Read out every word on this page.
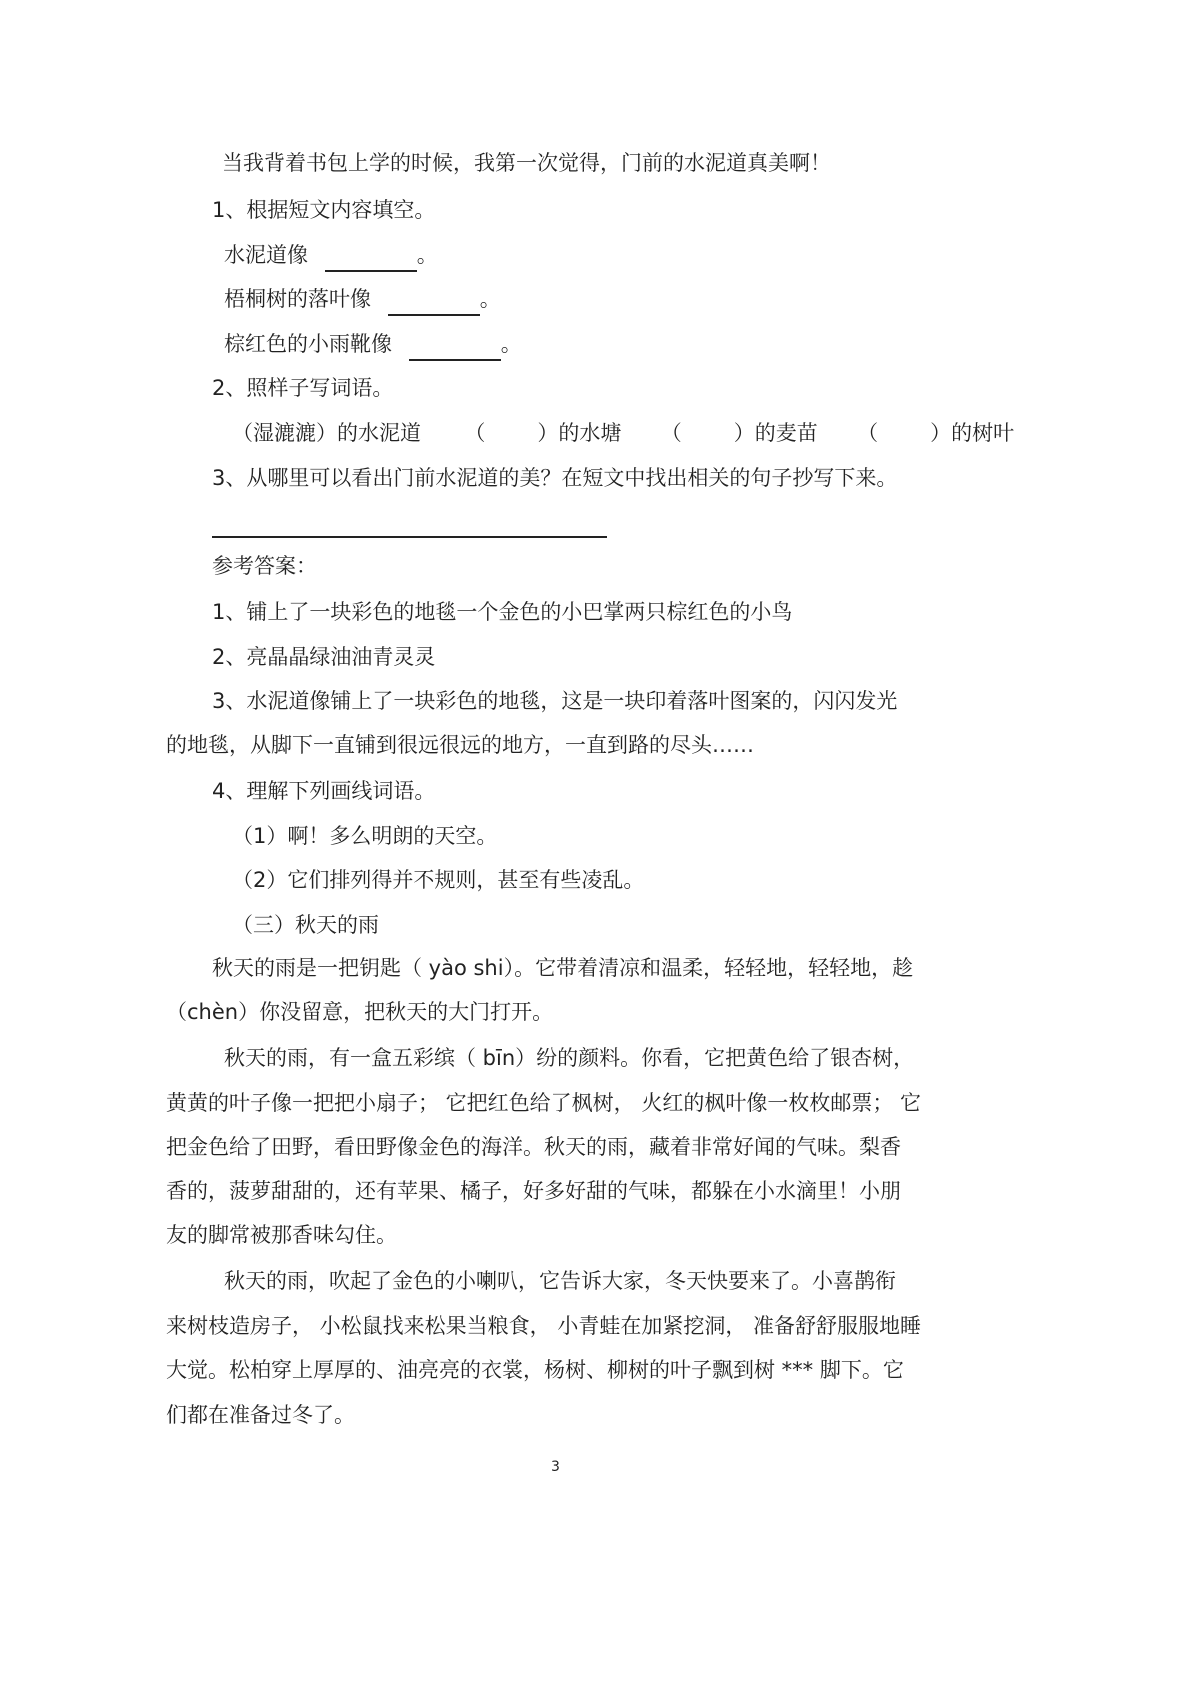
当我背着书包上学的时候，我第一次觉得，门前的水泥道真美啊！
1、根据短文内容填空。
水泥道像	。
梧桐树的落叶像	。
棕红色的小雨靴像	。
2、照样子写词语。
（湿漉漉）的水泥道 （ ）的水塘 （ ）的麦苗 （ ）的树叶
3、从哪里可以看出门前水泥道的美？在短文中找出相关的句子抄写下来。
参考答案：
1、铺上了一块彩色的地毯一个金色的小巴掌两只棕红色的小鸟
2、亮晶晶绿油油青灵灵
3、水泥道像铺上了一块彩色的地毯，这是一块印着落叶图案的，闪闪发光
的地毯，从脚下一直铺到很远很远的地方，一直到路的尽头……
4、理解下列画线词语。
（1）啊！多么明朗的天空。
（2）它们排列得并不规则，甚至有些凌乱。
（三）秋天的雨
秋天的雨是一把钥匙（ yào shi）。它带着清凉和温柔，轻轻地，轻轻地，趁
（chèn）你没留意，把秋天的大门打开。
秋天的雨，有一盒五彩缤（ bīn）纷的颜料。你看，它把黄色给了银杏树，
黄黄的叶子像一把把小扇子； 它把红色给了枫树， 火红的枫叶像一枚枚邮票； 它
把金色给了田野，看田野像金色的海洋。秋天的雨，藏着非常好闻的气味。梨香
香的，菠萝甜甜的，还有苹果、橘子，好多好甜的气味，都躲在小水滴里！小朋
友的脚常被那香味勾住。
秋天的雨，吹起了金色的小喇叭，它告诉大家，冬天快要来了。小喜鹊衔
来树枝造房子， 小松鼠找来松果当粮食， 小青蛙在加紧挖洞， 准备舒舒服服地睡
大觉。松柏穿上厚厚的、油亮亮的衣裳，杨树、柳树的叶子飘到树 *** 脚下。它
们都在准备过冬了。
3
